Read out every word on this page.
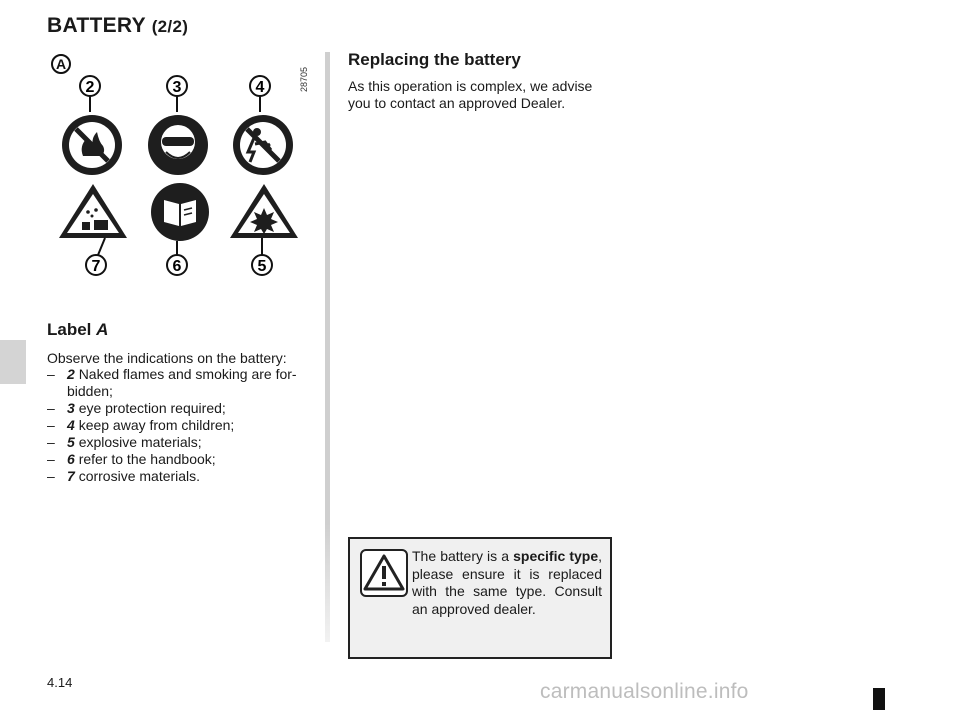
BATTERY (2/2)
A
2	3	4
7	6	5
28705
Label A
Observe the indications on the battery:
– 2 Naked flames and smoking are for-bidden;
– 3 eye protection required;
– 4 keep away from children;
– 5 explosive materials;
– 6 refer to the handbook;
– 7 corrosive materials.
Replacing the battery
As this operation is complex, we advise you to contact an approved Dealer.
The battery is a specific type, please ensure it is replaced with the same type. Consult an approved dealer.
4.14	carmanualsonline.info
